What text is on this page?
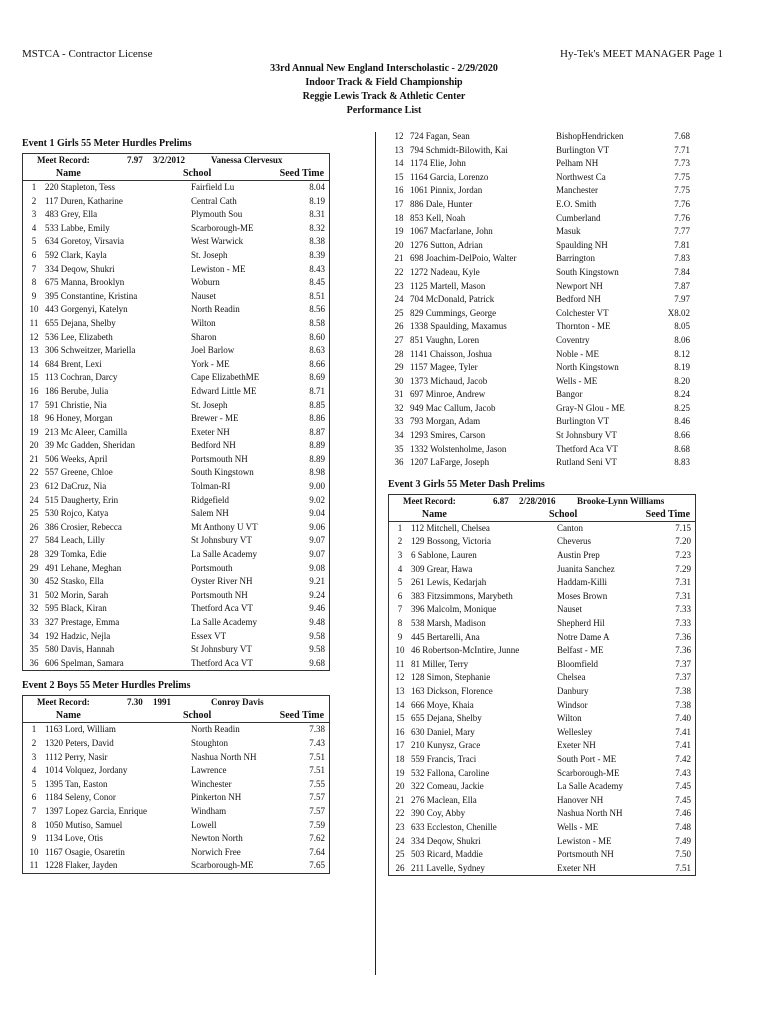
MSTCA - Contractor License	Hy-Tek's MEET MANAGER Page 1
33rd Annual New England Interscholastic - 2/29/2020
Indoor Track & Field Championship
Reggie Lewis Track & Athletic Center
Performance List
Event 1 Girls 55 Meter Hurdles Prelims
Meet Record:	7.97	3/2/2012	Vanessa Clervesux
Name	School	Seed Time
1 220 Stapleton, Tess	Fairfield Lu	8.04
2 117 Duren, Katharine	Central Cath	8.19
3 483 Grey, Ella	Plymouth Sou	8.31
4 533 Labbe, Emily	Scarborough-ME	8.32
5 634 Goretoy, Virsavia	West Warwick	8.38
6 592 Clark, Kayla	St. Joseph	8.39
7 334 Deqow, Shukri	Lewiston - ME	8.43
8 675 Manna, Brooklyn	Woburn	8.45
9 395 Constantine, Kristina	Nauset	8.51
10 443 Gorgenyi, Katelyn	North Readin	8.56
11 655 Dejana, Shelby	Wilton	8.58
12 536 Lee, Elizabeth	Sharon	8.60
13 306 Schweitzer, Mariella	Joel Barlow	8.63
14 684 Brent, Lexi	York - ME	8.66
15 113 Cochran, Darcy	Cape ElizabethME	8.69
16 186 Berube, Julia	Edward Little ME	8.71
17 591 Christie, Nia	St. Joseph	8.85
18 96 Honey, Morgan	Brewer - ME	8.86
19 213 Mc Aleer, Camilla	Exeter NH	8.87
20 39 Mc Gadden, Sheridan	Bedford NH	8.89
21 506 Weeks, April	Portsmouth NH	8.89
22 557 Greene, Chloe	South Kingstown	8.98
23 612 DaCruz, Nia	Tolman-RI	9.00
24 515 Daugherty, Erin	Ridgefield	9.02
25 530 Rojco, Katya	Salem NH	9.04
26 386 Crosier, Rebecca	Mt Anthony U VT	9.06
27 584 Leach, Lilly	St Johnsbury VT	9.07
28 329 Tomka, Edie	La Salle Academy	9.07
29 491 Lehane, Meghan	Portsmouth	9.08
30 452 Stasko, Ella	Oyster River NH	9.21
31 502 Morin, Sarah	Portsmouth NH	9.24
32 595 Black, Kiran	Thetford Aca VT	9.46
33 327 Prestage, Emma	La Salle Academy	9.48
34 192 Hadzic, Nejla	Essex VT	9.58
35 580 Davis, Hannah	St Johnsbury VT	9.58
36 606 Spelman, Samara	Thetford Aca VT	9.68
Event 2 Boys 55 Meter Hurdles Prelims
Meet Record:	7.30	1991	Conroy Davis
Name	School	Seed Time
1 1163 Lord, William	North Readin	7.38
2 1320 Peters, David	Stoughton	7.43
3 1112 Perry, Nasir	Nashua North NH	7.51
4 1014 Volquez, Jordany	Lawrence	7.51
5 1395 Tan, Easton	Winchester	7.55
6 1184 Seleny, Conor	Pinkerton NH	7.57
7 1397 Lopez Garcia, Enrique	Windham	7.57
8 1050 Mutiso, Samuel	Lowell	7.59
9 1134 Love, Otis	Newton North	7.62
10 1167 Osagie, Osaretin	Norwich Free	7.64
11 1228 Flaker, Jayden	Scarborough-ME	7.65
12 724 Fagan, Sean	BishopHendricken	7.68
13 794 Schmidt-Bilowith, Kai	Burlington VT	7.71
14 1174 Elie, John	Pelham NH	7.73
15 1164 Garcia, Lorenzo	Northwest Ca	7.75
16 1061 Pinnix, Jordan	Manchester	7.75
17 886 Dale, Hunter	E.O. Smith	7.76
18 853 Kell, Noah	Cumberland	7.76
19 1067 Macfarlane, John	Masuk	7.77
20 1276 Sutton, Adrian	Spaulding NH	7.81
21 698 Joachim-DelPoio, Walter	Barrington	7.83
22 1272 Nadeau, Kyle	South Kingstown	7.84
23 1125 Martell, Mason	Newport NH	7.87
24 704 McDonald, Patrick	Bedford NH	7.97
25 829 Cummings, George	Colchester VT	X8.02
26 1338 Spaulding, Maxamus	Thornton - ME	8.05
27 851 Vaughn, Loren	Coventry	8.06
28 1141 Chaisson, Joshua	Noble - ME	8.12
29 1157 Magee, Tyler	North Kingstown	8.19
30 1373 Michaud, Jacob	Wells - ME	8.20
31 697 Minroe, Andrew	Bangor	8.24
32 949 Mac Callum, Jacob	Gray-N Glou - ME	8.25
33 793 Morgan, Adam	Burlington VT	8.46
34 1293 Smires, Carson	St Johnsbury VT	8.66
35 1332 Wolstenholme, Jason	Thetford Aca VT	8.68
36 1207 LaFarge, Joseph	Rutland Seni VT	8.83
Event 3 Girls 55 Meter Dash Prelims
Meet Record:	6.87	2/28/2016	Brooke-Lynn Williams
Name	School	Seed Time
1 112 Mitchell, Chelsea	Canton	7.15
2 129 Bossong, Victoria	Cheverus	7.20
3 6 Sablone, Lauren	Austin Prep	7.23
4 309 Grear, Hawa	Juanita Sanchez	7.29
5 261 Lewis, Kedarjah	Haddam-Killi	7.31
6 383 Fitzsimmons, Marybeth	Moses Brown	7.31
7 396 Malcolm, Monique	Nauset	7.33
8 538 Marsh, Madison	Shepherd Hil	7.33
9 445 Bertarelli, Ana	Notre Dame A	7.36
10 46 Robertson-McIntire, Junne	Belfast - ME	7.36
11 81 Miller, Terry	Bloomfield	7.37
12 128 Simon, Stephanie	Chelsea	7.37
13 163 Dickson, Florence	Danbury	7.38
14 666 Moye, Khaia	Windsor	7.38
15 655 Dejana, Shelby	Wilton	7.40
16 630 Daniel, Mary	Wellesley	7.41
17 210 Kunysz, Grace	Exeter NH	7.41
18 559 Francis, Traci	South Port - ME	7.42
19 532 Fallona, Caroline	Scarborough-ME	7.43
20 322 Comeau, Jackie	La Salle Academy	7.45
21 276 Maclean, Ella	Hanover NH	7.45
22 390 Coy, Abby	Nashua North NH	7.46
23 633 Eccleston, Chenille	Wells - ME	7.48
24 334 Deqow, Shukri	Lewiston - ME	7.49
25 503 Ricard, Maddie	Portsmouth NH	7.50
26 211 Lavelle, Sydney	Exeter NH	7.51
